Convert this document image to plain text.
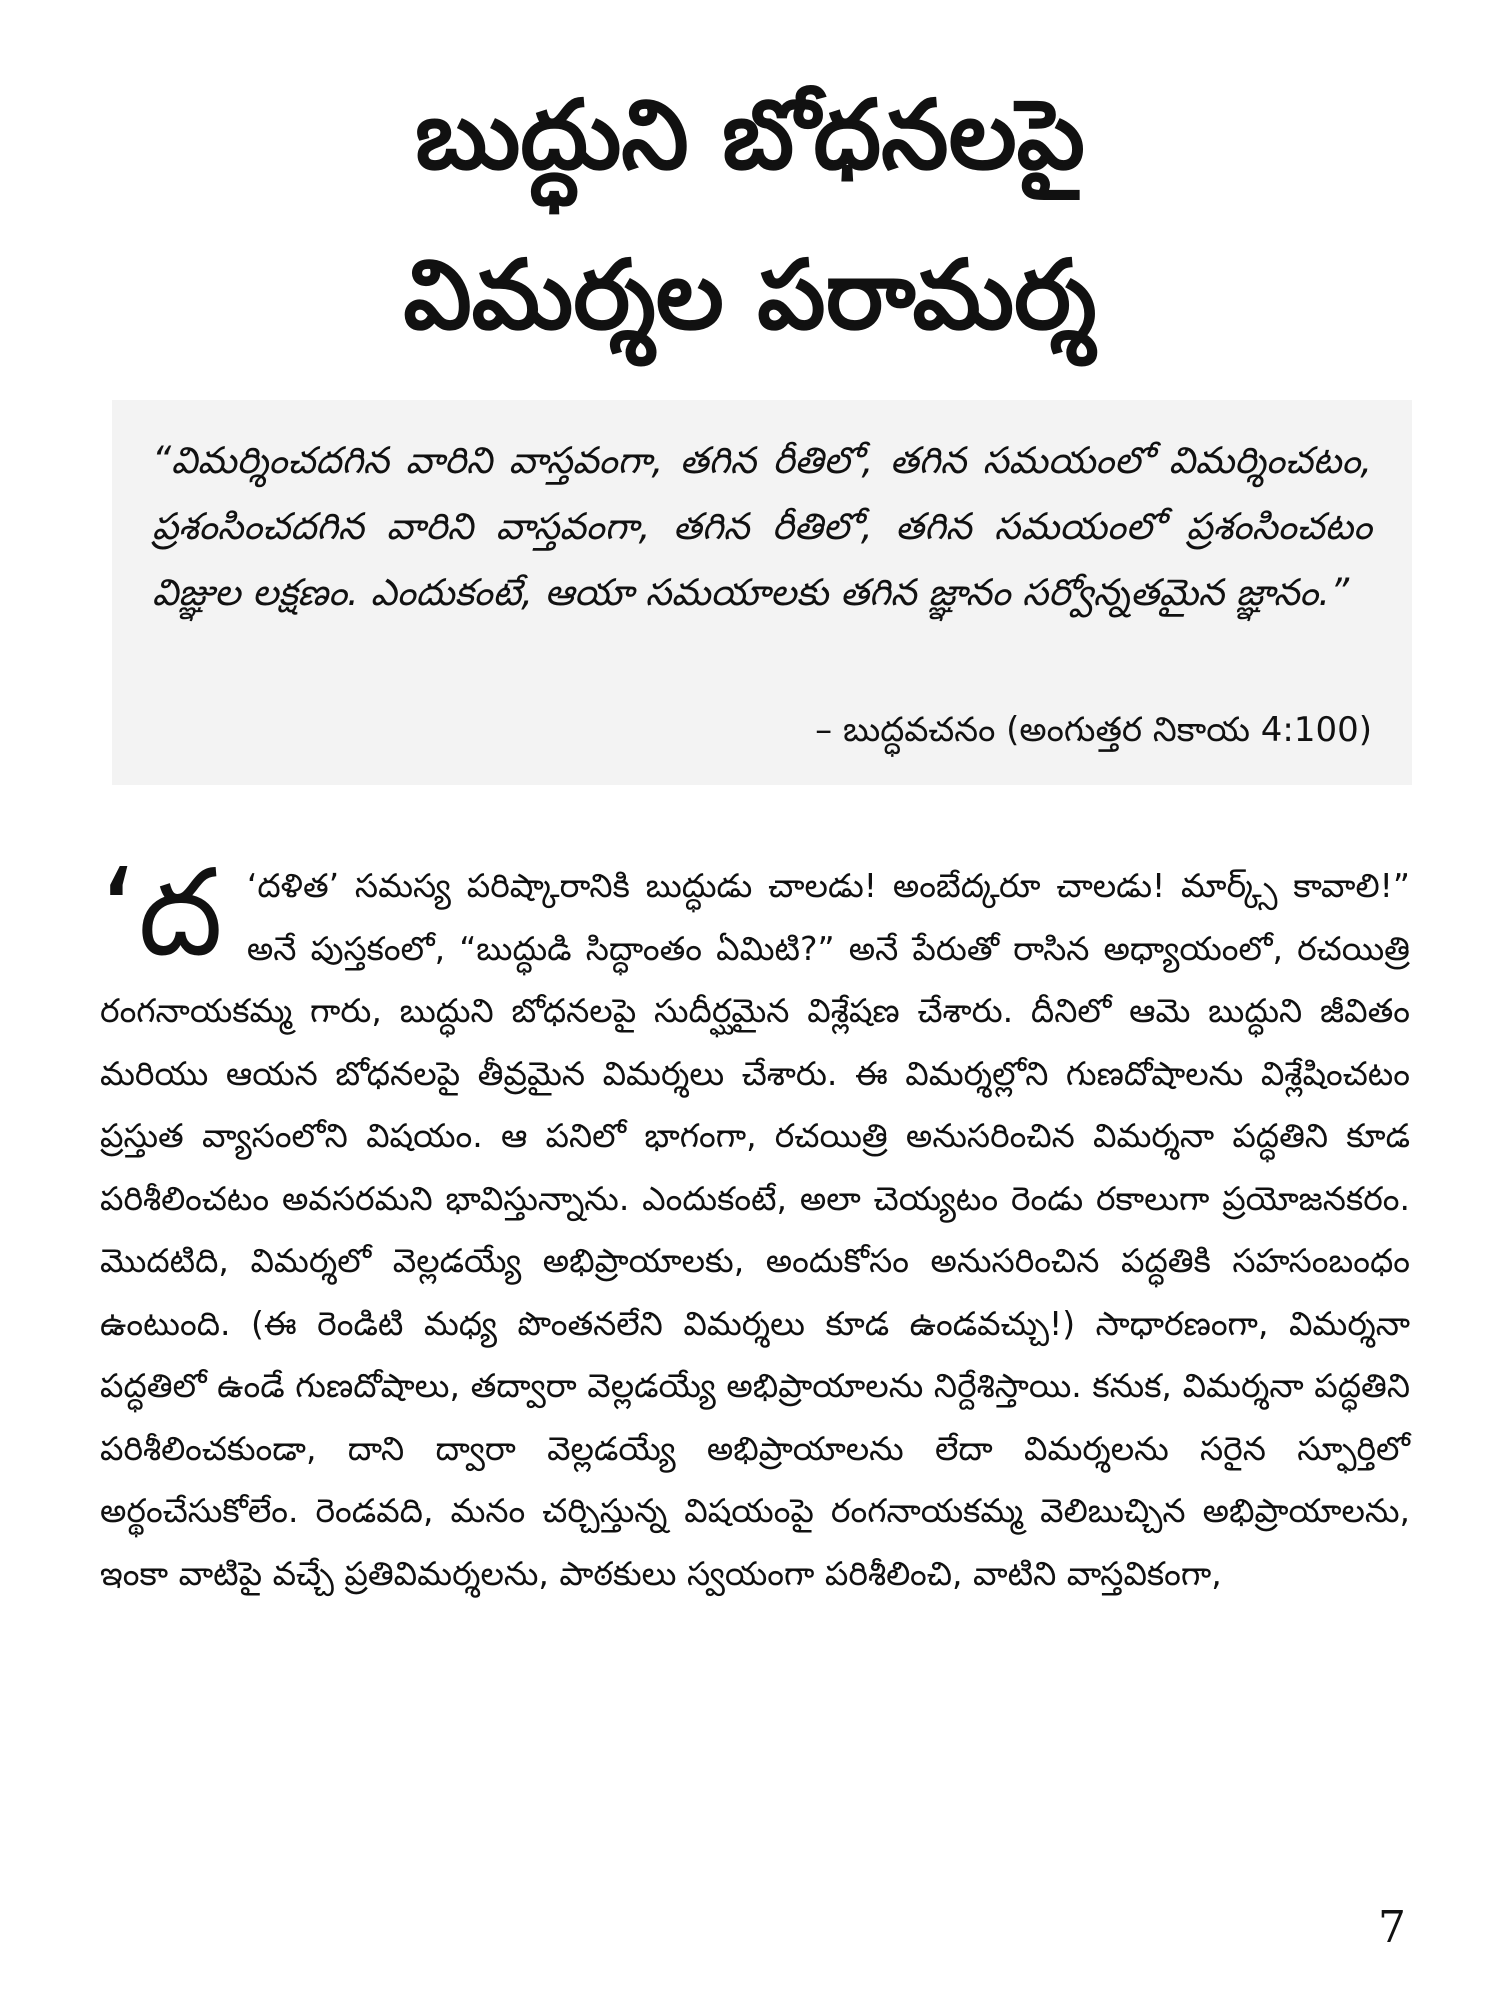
బుద్ధుని బోధనలపై
విమర్శల పరామర్శ

“విమర్శించదగిన వారిని వాస్తవంగా, తగిన రీతిలో, తగిన సమయంలో విమర్శించటం, ప్రశంసించదగిన వారిని వాస్తవంగా, తగిన రీతిలో, తగిన సమయంలో ప్రశంసించటం విజ్ఞుల లక్షణం. ఎందుకంటే, ఆయా సమయాలకు తగిన జ్ఞానం సర్వోన్నతమైన జ్ఞానం.”

– బుద్ధవచనం (అంగుత్తర నికాయ 4:100)

‘ద ‘దళిత’ సమస్య పరిష్కారానికి బుద్ధుడు చాలడు! అంబేద్కరూ చాలడు! మార్క్స్ కావాలి!” అనే పుస్తకంలో, “బుద్ధుడి సిద్ధాంతం ఏమిటి?” అనే పేరుతో రాసిన అధ్యాయంలో, రచయిత్రి రంగనాయకమ్మ గారు, బుద్ధుని బోధనలపై సుదీర్ఘమైన విశ్లేషణ చేశారు. దీనిలో ఆమె బుద్ధుని జీవితం మరియు ఆయన బోధనలపై తీవ్రమైన విమర్శలు చేశారు. ఈ విమర్శల్లోని గుణదోషాలను విశ్లేషించటం ప్రస్తుత వ్యాసంలోని విషయం. ఆ పనిలో భాగంగా, రచయిత్రి అనుసరించిన విమర్శనా పద్ధతిని కూడ పరిశీలించటం అవసరమని భావిస్తున్నాను. ఎందుకంటే, అలా చెయ్యటం రెండు రకాలుగా ప్రయోజనకరం. మొదటిది, విమర్శలో వెల్లడయ్యే అభిప్రాయాలకు, అందుకోసం అనుసరించిన పద్ధతికి సహసంబంధం ఉంటుంది. (ఈ రెండిటి మధ్య పొంతనలేని విమర్శలు కూడ ఉండవచ్చు!) సాధారణంగా, విమర్శనా పద్ధతిలో ఉండే గుణదోషాలు, తద్వారా వెల్లడయ్యే అభిప్రాయాలను నిర్దేశిస్తాయి. కనుక, విమర్శనా పద్ధతిని పరిశీలించకుండా, దాని ద్వారా వెల్లడయ్యే అభిప్రాయాలను లేదా విమర్శలను సరైన స్ఫూర్తిలో అర్థంచేసుకోలేం. రెండవది, మనం చర్చిస్తున్న విషయంపై రంగనాయకమ్మ వెలిబుచ్చిన అభిప్రాయాలను, ఇంకా వాటిపై వచ్చే ప్రతివిమర్శలను, పాఠకులు స్వయంగా పరిశీలించి, వాటిని వాస్తవికంగా,

7
